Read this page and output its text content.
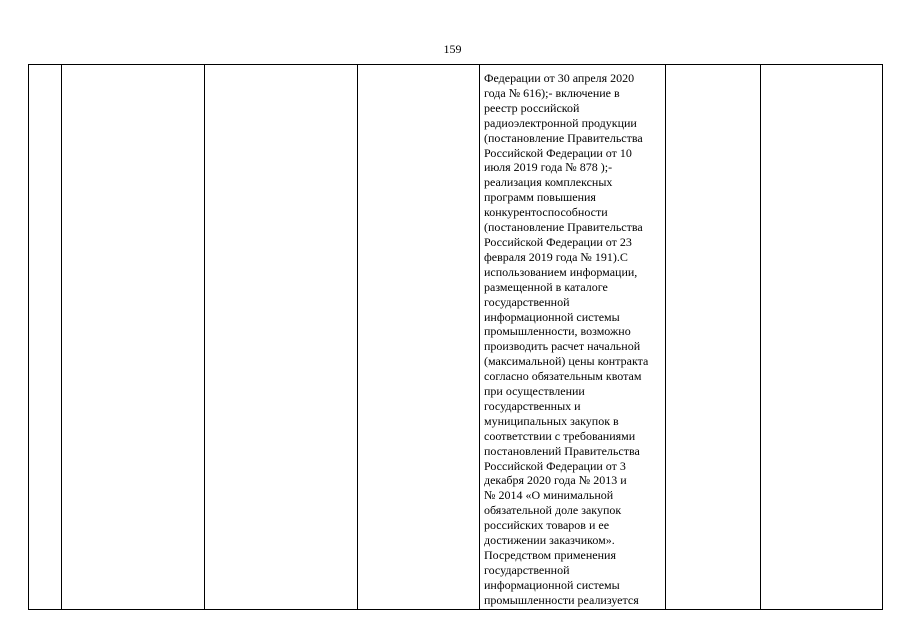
159

Федерации от 30 апреля 2020
года № 616);- включение в
реестр российской
радиоэлектронной продукции
(постановление Правительства
Российской Федерации от 10
июля 2019 года № 878 );-
реализация комплексных
программ повышения
конкурентоспособности
(постановление Правительства
Российской Федерации от 23
февраля 2019 года № 191).С
использованием информации,
размещенной в каталоге
государственной
информационной системы
промышленности, возможно
производить расчет начальной
(максимальной) цены контракта
согласно обязательным квотам
при осуществлении
государственных и
муниципальных закупок в
соответствии с требованиями
постановлений Правительства
Российской Федерации от 3
декабря 2020 года № 2013 и
№ 2014 «О минимальной
обязательной доле закупок
российских товаров и ее
достижении заказчиком».
Посредством применения
государственной
информационной системы
промышленности реализуется
